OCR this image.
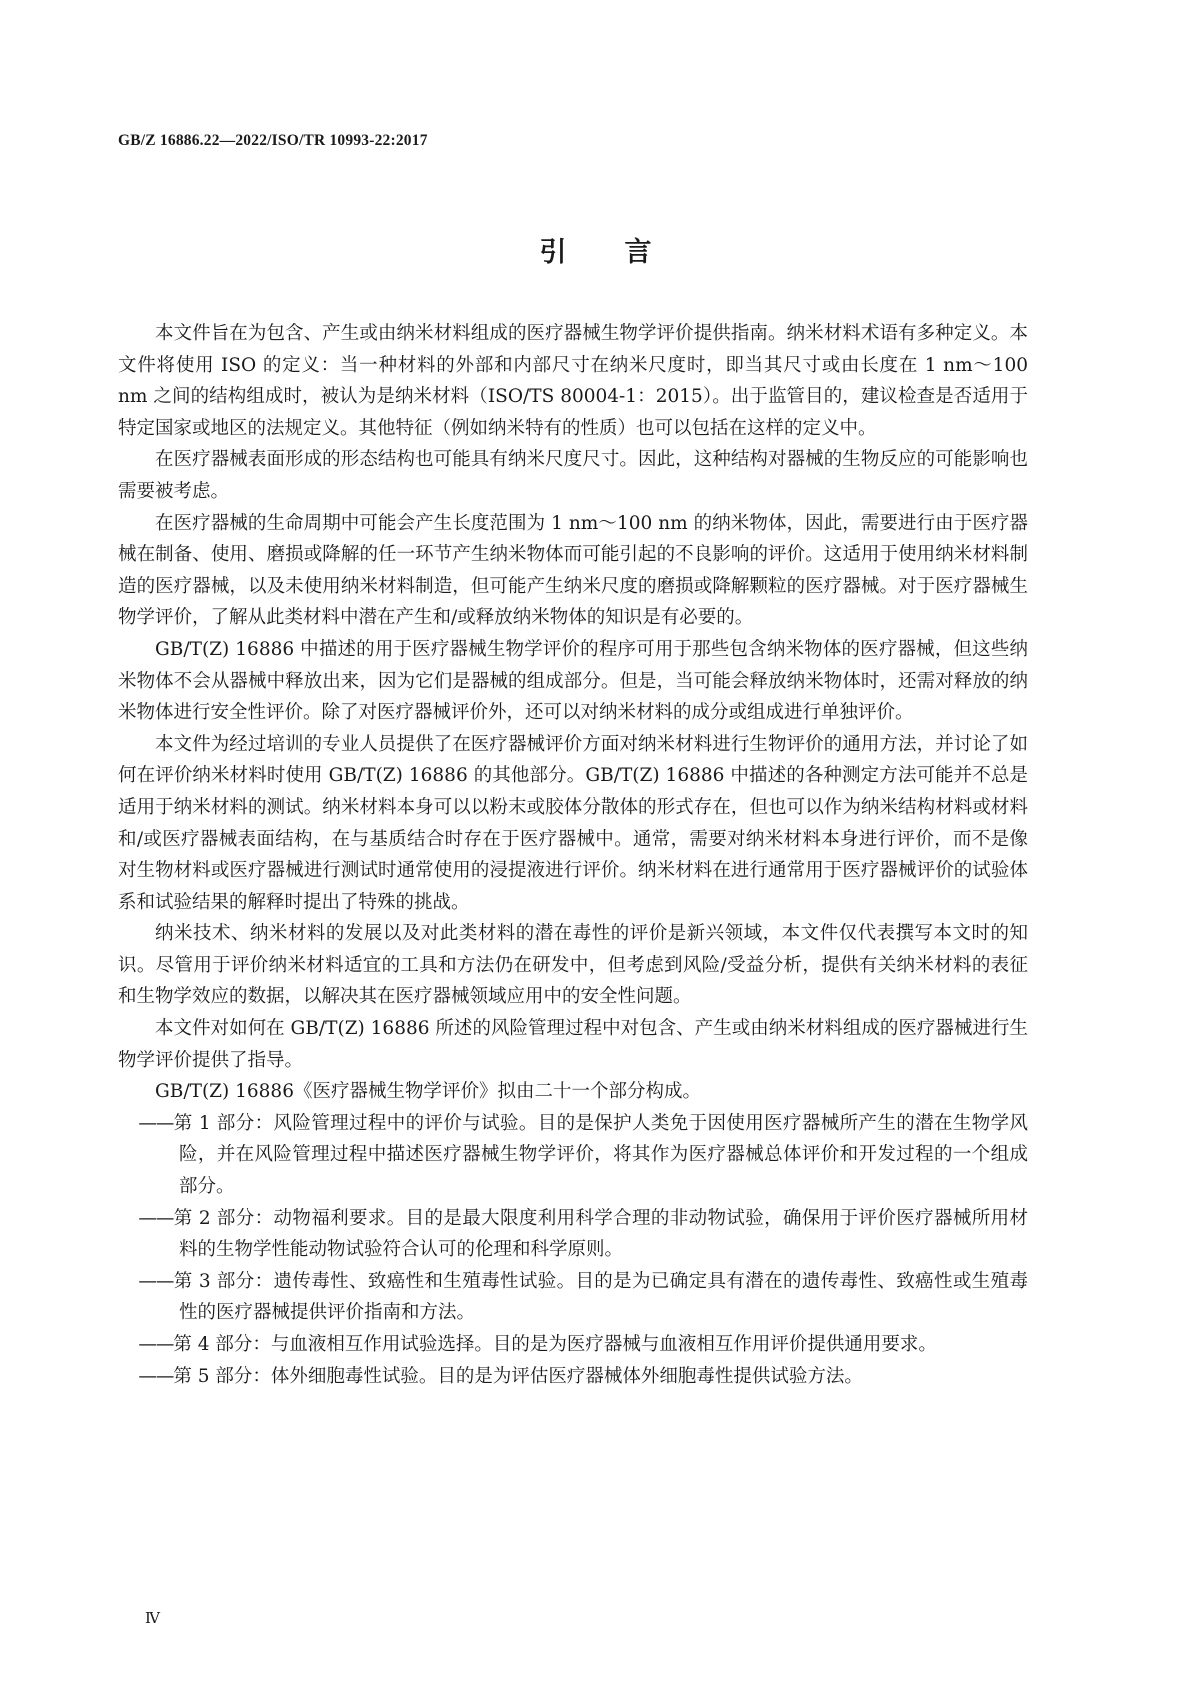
GB/Z 16886.22—2022/ISO/TR 10993-22:2017
引言

本文件旨在为包含、产生或由纳米材料组成的医疗器械生物学评价提供指南。纳米材料术语有多种定义。本文件将使用 ISO 的定义：当一种材料的外部和内部尺寸在纳米尺度时，即当其尺寸或由长度在 1 nm～100 nm 之间的结构组成时，被认为是纳米材料（ISO/TS 80004-1：2015）。出于监管目的，建议检查是否适用于特定国家或地区的法规定义。其他特征（例如纳米特有的性质）也可以包括在这样的定义中。

在医疗器械表面形成的形态结构也可能具有纳米尺度尺寸。因此，这种结构对器械的生物反应的可能影响也需要被考虑。

在医疗器械的生命周期中可能会产生长度范围为 1 nm～100 nm 的纳米物体，因此，需要进行由于医疗器械在制备、使用、磨损或降解的任一环节产生纳米物体而可能引起的不良影响的评价。这适用于使用纳米材料制造的医疗器械，以及未使用纳米材料制造，但可能产生纳米尺度的磨损或降解颗粒的医疗器械。对于医疗器械生物学评价，了解从此类材料中潜在产生和/或释放纳米物体的知识是有必要的。

GB/T(Z) 16886 中描述的用于医疗器械生物学评价的程序可用于那些包含纳米物体的医疗器械，但这些纳米物体不会从器械中释放出来，因为它们是器械的组成部分。但是，当可能会释放纳米物体时，还需对释放的纳米物体进行安全性评价。除了对医疗器械评价外，还可以对纳米材料的成分或组成进行单独评价。

本文件为经过培训的专业人员提供了在医疗器械评价方面对纳米材料进行生物评价的通用方法，并讨论了如何在评价纳米材料时使用 GB/T(Z) 16886 的其他部分。GB/T(Z) 16886 中描述的各种测定方法可能并不总是适用于纳米材料的测试。纳米材料本身可以以粉末或胶体分散体的形式存在，但也可以作为纳米结构材料或材料和/或医疗器械表面结构，在与基质结合时存在于医疗器械中。通常，需要对纳米材料本身进行评价，而不是像对生物材料或医疗器械进行测试时通常使用的浸提液进行评价。纳米材料在进行通常用于医疗器械评价的试验体系和试验结果的解释时提出了特殊的挑战。

纳米技术、纳米材料的发展以及对此类材料的潜在毒性的评价是新兴领域，本文件仅代表撰写本文时的知识。尽管用于评价纳米材料适宜的工具和方法仍在研发中，但考虑到风险/受益分析，提供有关纳米材料的表征和生物学效应的数据，以解决其在医疗器械领域应用中的安全性问题。

本文件对如何在 GB/T(Z) 16886 所述的风险管理过程中对包含、产生或由纳米材料组成的医疗器械进行生物学评价提供了指导。

GB/T(Z) 16886《医疗器械生物学评价》拟由二十一个部分构成。

——第 1 部分：风险管理过程中的评价与试验。目的是保护人类免于因使用医疗器械所产生的潜在生物学风险，并在风险管理过程中描述医疗器械生物学评价，将其作为医疗器械总体评价和开发过程的一个组成部分。
——第 2 部分：动物福利要求。目的是最大限度利用科学合理的非动物试验，确保用于评价医疗器械所用材料的生物学性能动物试验符合认可的伦理和科学原则。
——第 3 部分：遗传毒性、致癌性和生殖毒性试验。目的是为已确定具有潜在的遗传毒性、致癌性或生殖毒性的医疗器械提供评价指南和方法。
——第 4 部分：与血液相互作用试验选择。目的是为医疗器械与血液相互作用评价提供通用要求。
——第 5 部分：体外细胞毒性试验。目的是为评估医疗器械体外细胞毒性提供试验方法。
Ⅳ
